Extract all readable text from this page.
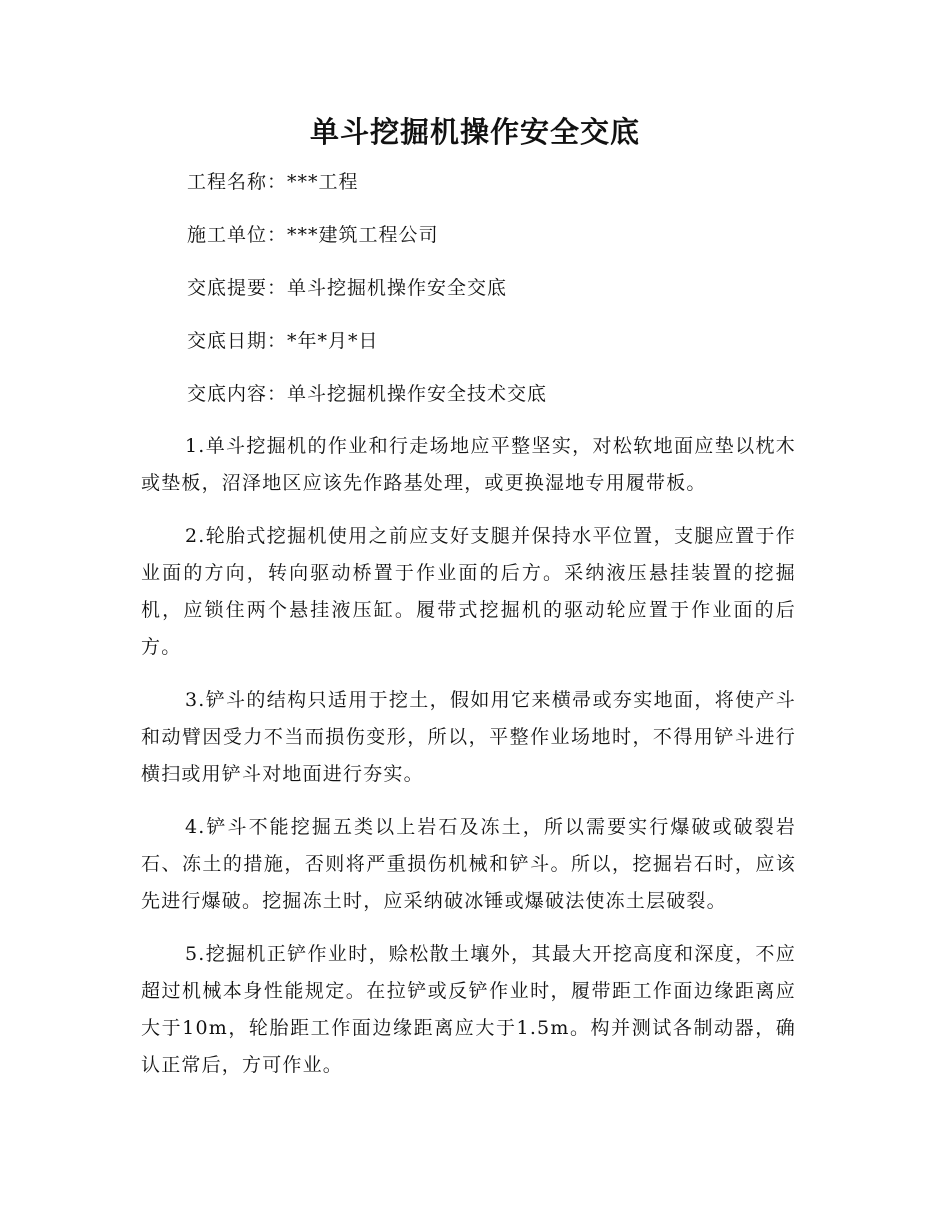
单斗挖掘机操作安全交底
工程名称：***工程
施工单位：***建筑工程公司
交底提要：单斗挖掘机操作安全交底
交底日期：*年*月*日
交底内容：单斗挖掘机操作安全技术交底

1.单斗挖掘机的作业和行走场地应平整坚实，对松软地面应垫以枕木或垫板，沼泽地区应该先作路基处理，或更换湿地专用履带板。

2.轮胎式挖掘机使用之前应支好支腿并保持水平位置，支腿应置于作业面的方向，转向驱动桥置于作业面的后方。采纳液压悬挂装置的挖掘机，应锁住两个悬挂液压缸。履带式挖掘机的驱动轮应置于作业面的后方。

3.铲斗的结构只适用于挖土，假如用它来横帚或夯实地面，将使产斗和动臂因受力不当而损伤变形，所以，平整作业场地时，不得用铲斗进行横扫或用铲斗对地面进行夯实。

4.铲斗不能挖掘五类以上岩石及冻土，所以需要实行爆破或破裂岩石、冻土的措施，否则将严重损伤机械和铲斗。所以，挖掘岩石时，应该先进行爆破。挖掘冻土时，应采纳破冰锤或爆破法使冻土层破裂。

5.挖掘机正铲作业时，赊松散土壤外，其最大开挖高度和深度，不应超过机械本身性能规定。在拉铲或反铲作业时，履带距工作面边缘距离应大于10m，轮胎距工作面边缘距离应大于1.5m。构并测试各制动器，确认正常后，方可作业。
